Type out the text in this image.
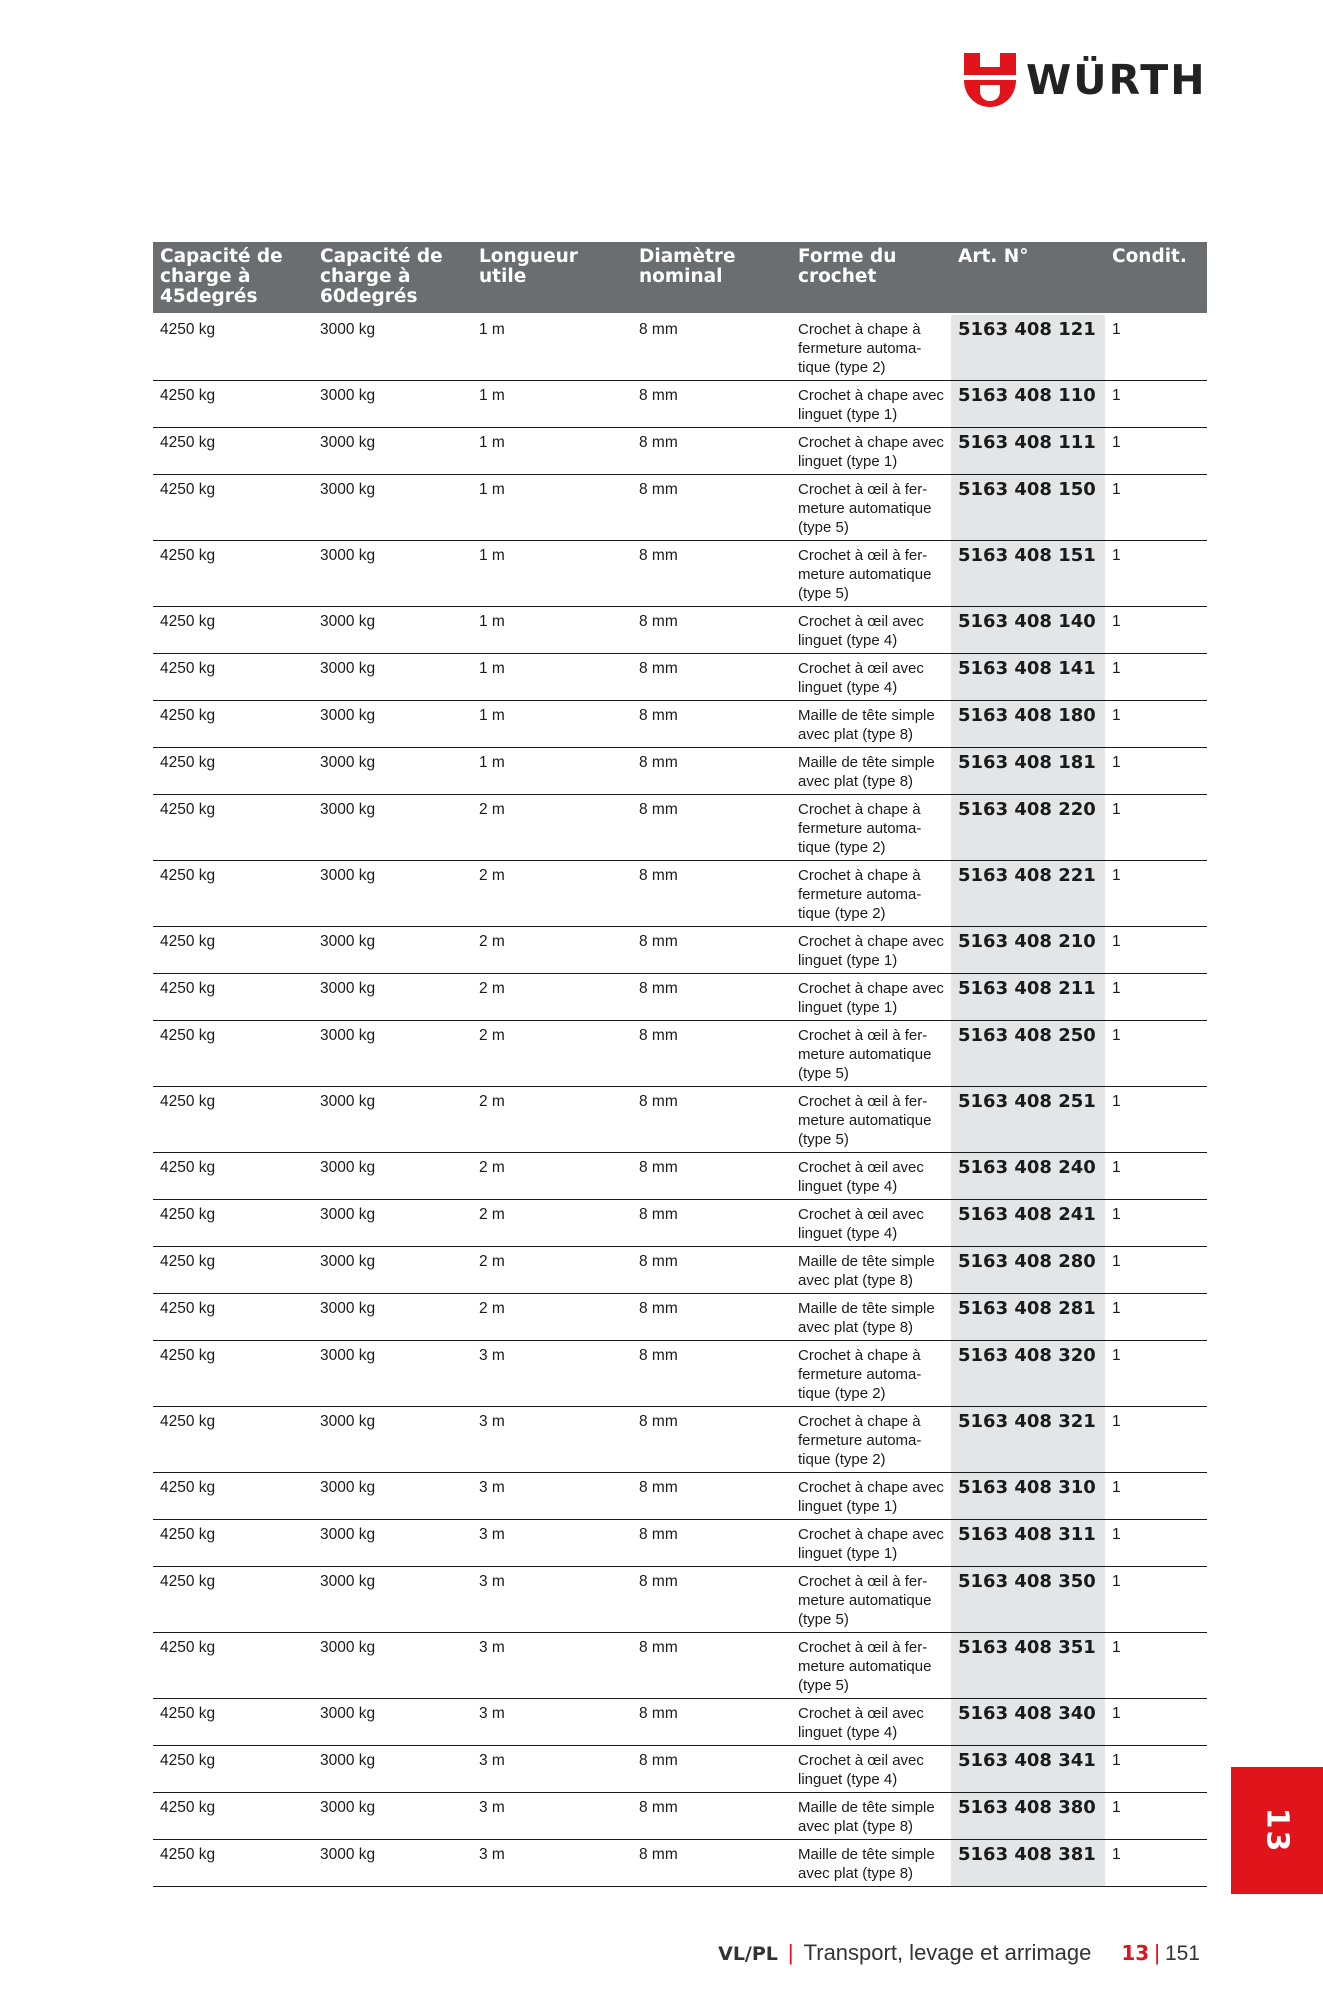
WÜRTH
Capacité de charge à 45degrés	Capacité de charge à 60degrés	Longueur utile	Diamètre nominal	Forme du crochet	Art. N°	Condit.
4250 kg	3000 kg	1 m	8 mm	Crochet à chape à fermeture automa-tique (type 2)	5163 408 121	1
4250 kg	3000 kg	1 m	8 mm	Crochet à chape avec linguet (type 1)	5163 408 110	1
4250 kg	3000 kg	1 m	8 mm	Crochet à chape avec linguet (type 1)	5163 408 111	1
4250 kg	3000 kg	1 m	8 mm	Crochet à œil à fer-meture automatique (type 5)	5163 408 150	1
4250 kg	3000 kg	1 m	8 mm	Crochet à œil à fer-meture automatique (type 5)	5163 408 151	1
4250 kg	3000 kg	1 m	8 mm	Crochet à œil avec linguet (type 4)	5163 408 140	1
4250 kg	3000 kg	1 m	8 mm	Crochet à œil avec linguet (type 4)	5163 408 141	1
4250 kg	3000 kg	1 m	8 mm	Maille de tête simple avec plat (type 8)	5163 408 180	1
4250 kg	3000 kg	1 m	8 mm	Maille de tête simple avec plat (type 8)	5163 408 181	1
4250 kg	3000 kg	2 m	8 mm	Crochet à chape à fermeture automa-tique (type 2)	5163 408 220	1
4250 kg	3000 kg	2 m	8 mm	Crochet à chape à fermeture automa-tique (type 2)	5163 408 221	1
4250 kg	3000 kg	2 m	8 mm	Crochet à chape avec linguet (type 1)	5163 408 210	1
4250 kg	3000 kg	2 m	8 mm	Crochet à chape avec linguet (type 1)	5163 408 211	1
4250 kg	3000 kg	2 m	8 mm	Crochet à œil à fer-meture automatique (type 5)	5163 408 250	1
4250 kg	3000 kg	2 m	8 mm	Crochet à œil à fer-meture automatique (type 5)	5163 408 251	1
4250 kg	3000 kg	2 m	8 mm	Crochet à œil avec linguet (type 4)	5163 408 240	1
4250 kg	3000 kg	2 m	8 mm	Crochet à œil avec linguet (type 4)	5163 408 241	1
4250 kg	3000 kg	2 m	8 mm	Maille de tête simple avec plat (type 8)	5163 408 280	1
4250 kg	3000 kg	2 m	8 mm	Maille de tête simple avec plat (type 8)	5163 408 281	1
4250 kg	3000 kg	3 m	8 mm	Crochet à chape à fermeture automa-tique (type 2)	5163 408 320	1
4250 kg	3000 kg	3 m	8 mm	Crochet à chape à fermeture automa-tique (type 2)	5163 408 321	1
4250 kg	3000 kg	3 m	8 mm	Crochet à chape avec linguet (type 1)	5163 408 310	1
4250 kg	3000 kg	3 m	8 mm	Crochet à chape avec linguet (type 1)	5163 408 311	1
4250 kg	3000 kg	3 m	8 mm	Crochet à œil à fer-meture automatique (type 5)	5163 408 350	1
4250 kg	3000 kg	3 m	8 mm	Crochet à œil à fer-meture automatique (type 5)	5163 408 351	1
4250 kg	3000 kg	3 m	8 mm	Crochet à œil avec linguet (type 4)	5163 408 340	1
4250 kg	3000 kg	3 m	8 mm	Crochet à œil avec linguet (type 4)	5163 408 341	1
4250 kg	3000 kg	3 m	8 mm	Maille de tête simple avec plat (type 8)	5163 408 380	1
4250 kg	3000 kg	3 m	8 mm	Maille de tête simple avec plat (type 8)	5163 408 381	1
13
VL/PL | Transport, levage et arrimage 13 | 151
